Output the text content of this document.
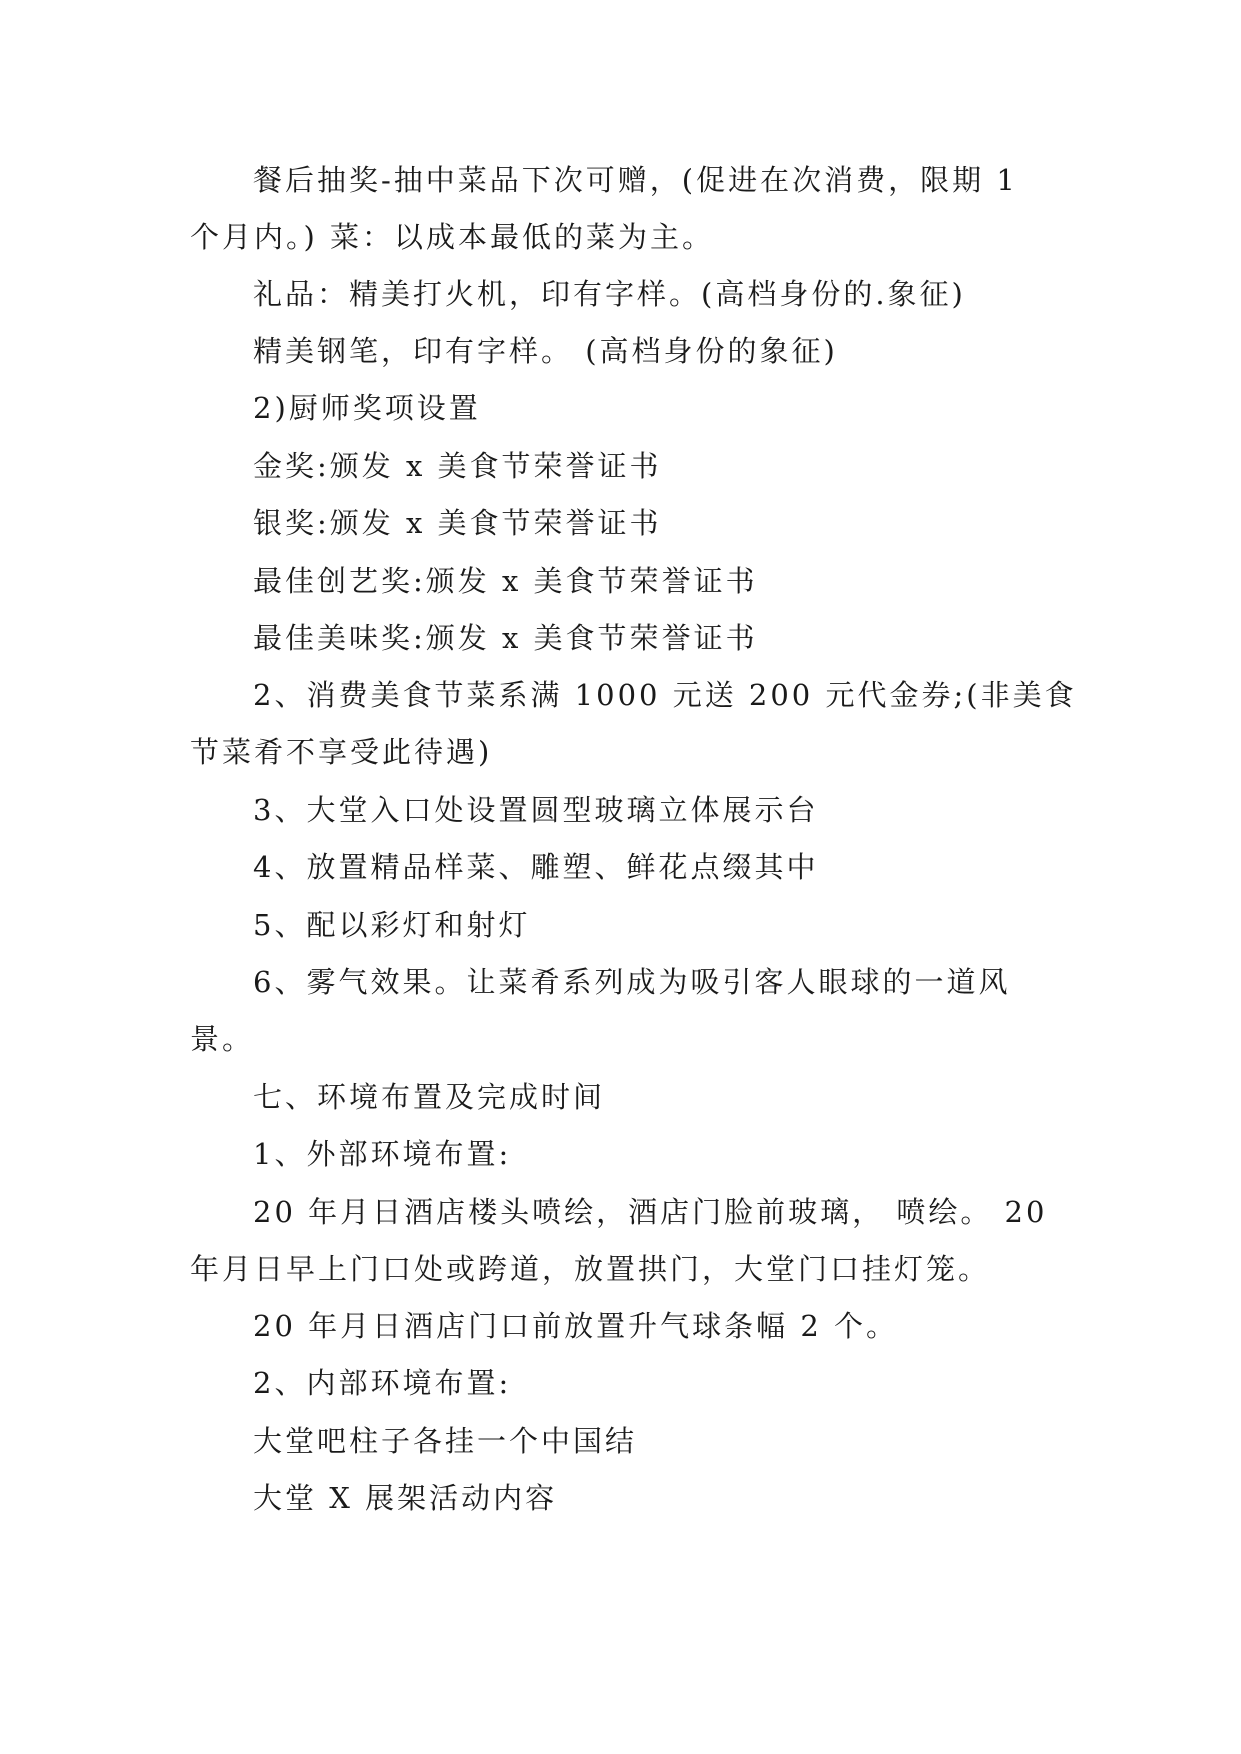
餐后抽奖-抽中菜品下次可赠，(促进在次消费，限期 1
个月内。) 菜：以成本最低的菜为主。
礼品：精美打火机，印有字样。(高档身份的.象征)
精美钢笔，印有字样。 (高档身份的象征)
2)厨师奖项设置
金奖:颁发 x 美食节荣誉证书
银奖:颁发 x 美食节荣誉证书
最佳创艺奖:颁发 x 美食节荣誉证书
最佳美味奖:颁发 x 美食节荣誉证书
2、消费美食节菜系满 1000 元送 200 元代金券;(非美食
节菜肴不享受此待遇)
3、大堂入口处设置圆型玻璃立体展示台
4、放置精品样菜、雕塑、鲜花点缀其中
5、配以彩灯和射灯
6、雾气效果。让菜肴系列成为吸引客人眼球的一道风
景。
七、环境布置及完成时间
1、外部环境布置:
20 年月日酒店楼头喷绘，酒店门脸前玻璃， 喷绘。 20
年月日早上门口处或跨道，放置拱门，大堂门口挂灯笼。
20 年月日酒店门口前放置升气球条幅 2 个。
2、内部环境布置:
大堂吧柱子各挂一个中国结
大堂 X 展架活动内容
